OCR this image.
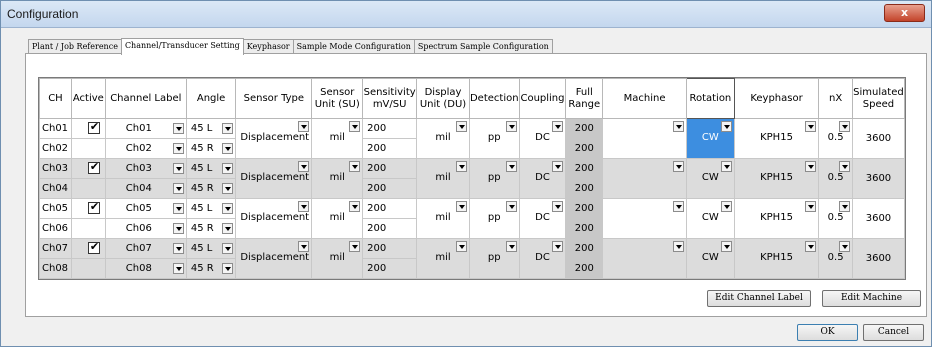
Configuration	x
Plant / Job Reference Channel/Transducer Setting Keyphasor Sample Mode Configuration Spectrum Sample Configuration
CH	Active	Channel Label	Angle	Sensor Type	Sensor Unit (SU)	Sensitivity mV/SU	Display Unit (DU)	Detection	Coupling	Full Range	Machine	Rotation	Keyphasor	nX	Simulated Speed
Ch01	✔	Ch01	45 L	Displacement	mil	200	mil	pp	DC	200		CW	KPH15	0.5	3600
Ch02		Ch02	45 R			200				200					
Ch03	✔	Ch03	45 L	Displacement	mil	200	mil	pp	DC	200		CW	KPH15	0.5	3600
Ch04		Ch04	45 R			200				200					
Ch05	✔	Ch05	45 L	Displacement	mil	200	mil	pp	DC	200		CW	KPH15	0.5	3600
Ch06		Ch06	45 R			200				200					
Ch07	✔	Ch07	45 L	Displacement	mil	200	mil	pp	DC	200		CW	KPH15	0.5	3600
Ch08		Ch08	45 R			200				200					
Edit Channel Label	Edit Machine
OK	Cancel
